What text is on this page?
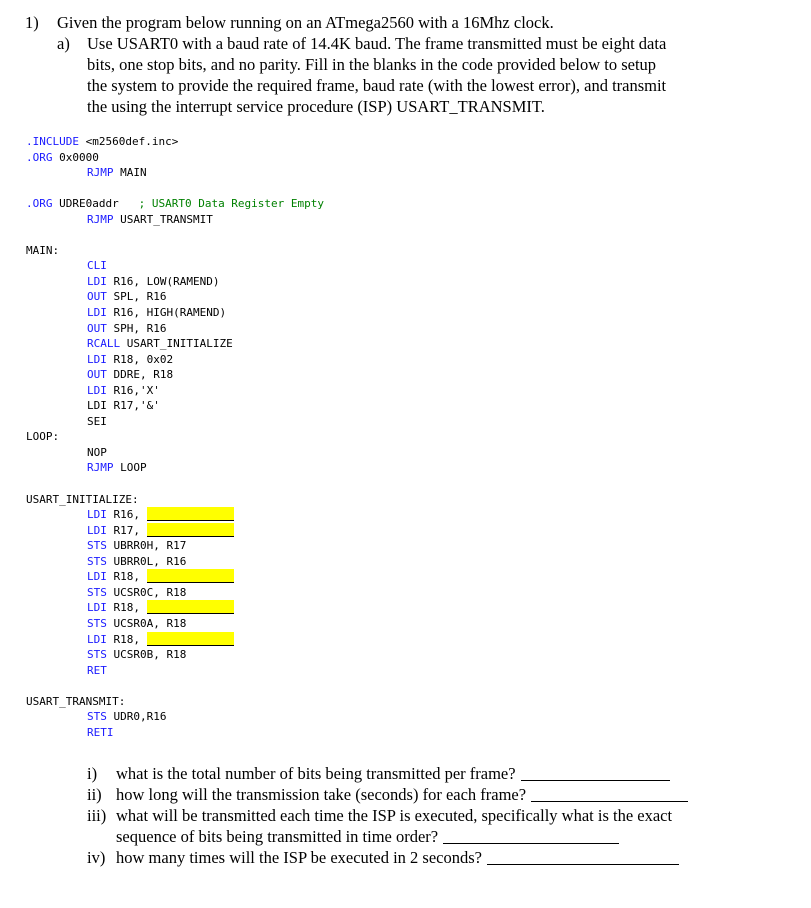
1) Given the program below running on an ATmega2560 with a 16Mhz clock.
a) Use USART0 with a baud rate of 14.4K baud. The frame transmitted must be eight data
bits, one stop bits, and no parity. Fill in the blanks in the code provided below to setup
the system to provide the required frame, baud rate (with the lowest error), and transmit
the using the interrupt service procedure (ISP) USART_TRANSMIT.
.INCLUDE <m2560def.inc>
.ORG 0x0000
RJMP MAIN

.ORG UDRE0addr   ; USART0 Data Register Empty
RJMP USART_TRANSMIT

MAIN:
CLI
LDI R16, LOW(RAMEND)
OUT SPL, R16
LDI R16, HIGH(RAMEND)
OUT SPH, R16
RCALL USART_INITIALIZE
LDI R18, 0x02
OUT DDRE, R18
LDI R16,'X'
LDI R17,'&'
SEI
LOOP:
NOP
RJMP LOOP

USART_INITIALIZE:
LDI R16,
LDI R17,
STS UBRR0H, R17
STS UBRR0L, R16
LDI R18,
STS UCSR0C, R18
LDI R18,
STS UCSR0A, R18
LDI R18,
STS UCSR0B, R18
RET

USART_TRANSMIT:
STS UDR0,R16
RETI
i) what is the total number of bits being transmitted per frame?
ii) how long will the transmission take (seconds) for each frame?
iii) what will be transmitted each time the ISP is executed, specifically what is the exact
sequence of bits being transmitted in time order?
iv) how many times will the ISP be executed in 2 seconds?
